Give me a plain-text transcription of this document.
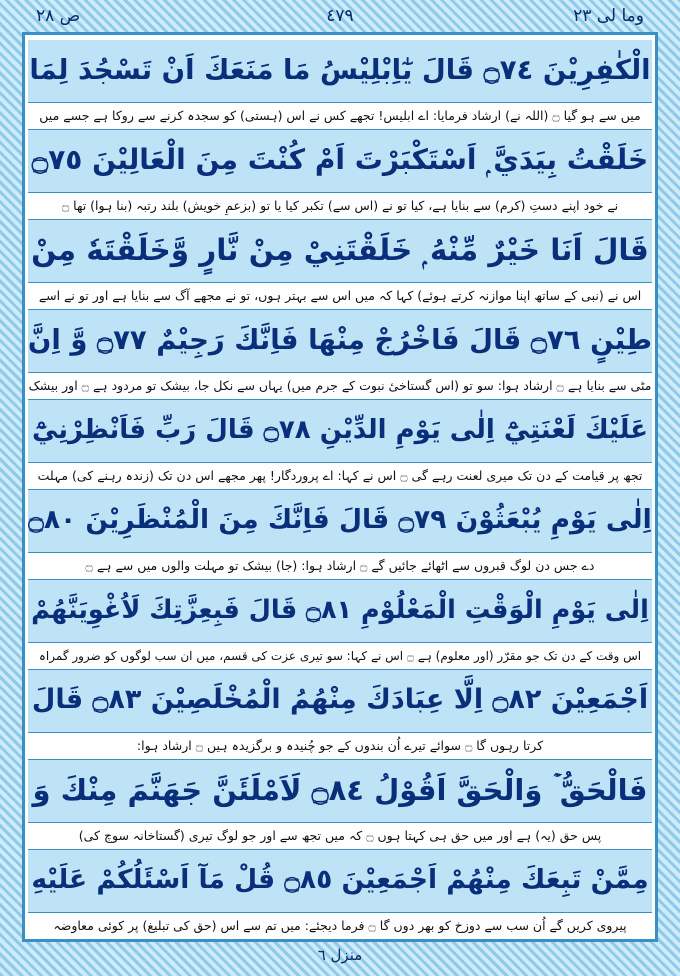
وما لی ٢٣
٤٧٩
ص ٢٨
الْكٰفِرِيْنَ ۝٧٤ قَالَ يٰٓاِبْلِيْسُ مَا مَنَعَكَ اَنْ تَسْجُدَ لِمَا
میں سے ہو گیا ۝ (اللہ نے) ارشاد فرمایا: اے ابلیس! تجھے کس نے اس (ہستی) کو سجدہ کرنے سے روکا ہے جسے میں
خَلَقْتُ بِيَدَيَّ ۭ اَسْتَكْبَرْتَ اَمْ كُنْتَ مِنَ الْعَالِيْنَ ۝٧٥
نے خود اپنے دستِ (کرم) سے بنایا ہے، کیا تو نے (اس سے) تکبر کیا یا تو (بزعمِ خویش) بلند رتبہ (بنا ہوا) تھا ۝
قَالَ اَنَا خَيْرٌ مِّنْهُ ۭ خَلَقْتَنِيْ مِنْ نَّارٍ وَّخَلَقْتَهٗ مِنْ
اس نے (نبی کے ساتھ اپنا موازنہ کرتے ہوئے) کہا کہ میں اس سے بہتر ہوں، تو نے مجھے آگ سے بنایا ہے اور تو نے اسے
طِيْنٍ ۝٧٦ قَالَ فَاخْرُجْ مِنْهَا فَاِنَّكَ رَجِيْمٌ ۝٧٧ وَّ اِنَّ
مٹی سے بنایا ہے ۝ ارشاد ہوا: سو تو (اس گستاخیٔ نبوت کے جرم میں) یہاں سے نکل جا، بیشک تو مردود ہے ۝ اور بیشک
عَلَيْكَ لَعْنَتِيْٓ اِلٰى يَوْمِ الدِّيْنِ ۝٧٨ قَالَ رَبِّ فَاَنْظِرْنِيْٓ
تجھ پر قیامت کے دن تک میری لعنت رہے گی ۝ اس نے کہا: اے پروردگار! پھر مجھے اس دن تک (زندہ رہنے کی) مہلت
اِلٰى يَوْمِ يُبْعَثُوْنَ ۝٧٩ قَالَ فَاِنَّكَ مِنَ الْمُنْظَرِيْنَ ۝٨٠
دے جس دن لوگ قبروں سے اٹھائے جائیں گے ۝ ارشاد ہوا: (جا) بیشک تو مہلت والوں میں سے ہے ۝
اِلٰى يَوْمِ الْوَقْتِ الْمَعْلُوْمِ ۝٨١ قَالَ فَبِعِزَّتِكَ لَاُغْوِيَنَّهُمْ
اس وقت کے دن تک جو مقرّر (اور معلوم) ہے ۝ اس نے کہا: سو تیری عزت کی قسم، میں ان سب لوگوں کو ضرور گمراہ
اَجْمَعِيْنَ ۝٨٢ اِلَّا عِبَادَكَ مِنْهُمُ الْمُخْلَصِيْنَ ۝٨٣ قَالَ
کرتا رہوں گا ۝ سوائے تیرے اُن بندوں کے جو چُنیدہ و برگزیدہ ہیں ۝ ارشاد ہوا:
فَالْحَقُّ ۡ وَالْحَقَّ اَقُوْلُ ۝٨٤ لَاَمْلَئَنَّ جَهَنَّمَ مِنْكَ وَ
پس حق (یہ) ہے اور میں حق ہی کہتا ہوں ۝ کہ میں تجھ سے اور جو لوگ تیری (گستاخانہ سوچ کی)
مِمَّنْ تَبِعَكَ مِنْهُمْ اَجْمَعِيْنَ ۝٨٥ قُلْ مَآ اَسْئَلُكُمْ عَلَيْهِ
پیروی کریں گے اُن سب سے دوزخ کو بھر دوں گا ۝ فرما دیجئے: میں تم سے اس (حق کی تبلیغ) پر کوئی معاوضہ
منزل ٦
